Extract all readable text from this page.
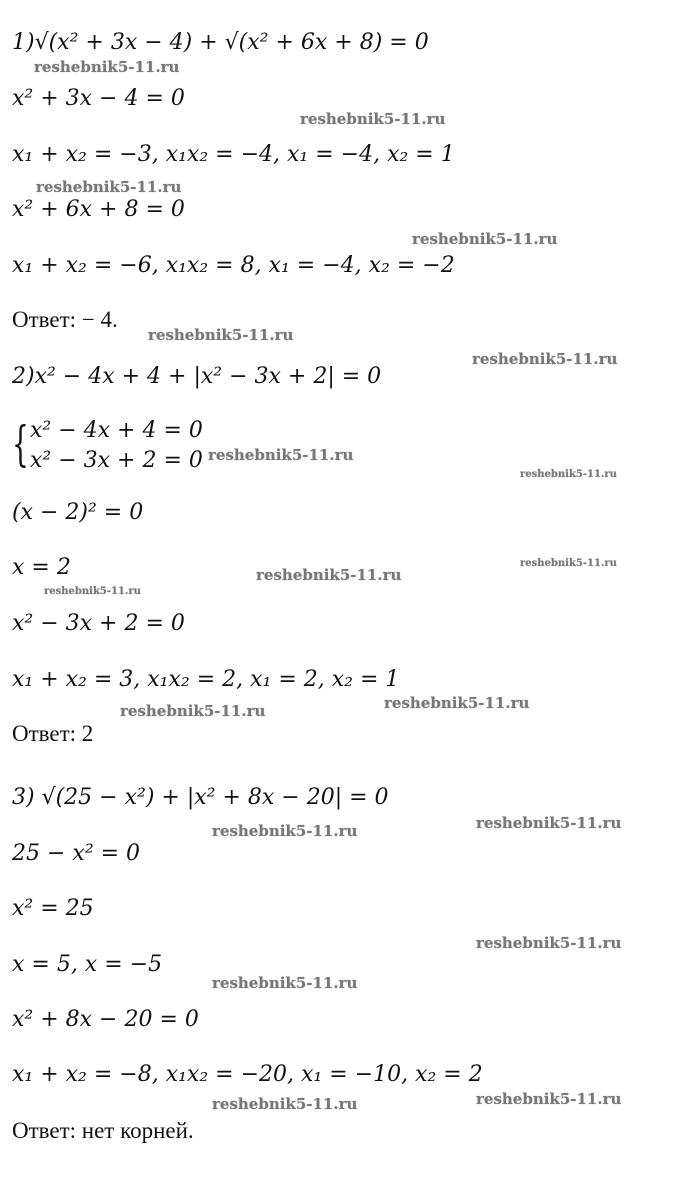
1)√(x² + 3x − 4) + √(x² + 6x + 8) = 0
x² + 3x − 4 = 0
x₁ + x₂ = −3, x₁x₂ = −4, x₁ = −4, x₂ = 1
x² + 6x + 8 = 0
x₁ + x₂ = −6, x₁x₂ = 8, x₁ = −4, x₂ = −2
Ответ: − 4.
2)x² − 4x + 4 + |x² − 3x + 2| = 0
{ x² − 4x + 4 = 0
x² − 3x + 2 = 0
(x − 2)² = 0
x = 2
x² − 3x + 2 = 0
x₁ + x₂ = 3, x₁x₂ = 2, x₁ = 2, x₂ = 1
Ответ: 2
3) √(25 − x²) + |x² + 8x − 20| = 0
25 − x² = 0
x² = 25
x = 5, x = −5
x² + 8x − 20 = 0
x₁ + x₂ = −8, x₁x₂ = −20, x₁ = −10, x₂ = 2
Ответ: нет корней.
reshebnik5-11.ru
reshebnik5-11.ru
reshebnik5-11.ru
reshebnik5-11.ru
reshebnik5-11.ru
reshebnik5-11.ru
reshebnik5-11.ru
reshebnik5-11.ru
reshebnik5-11.ru
reshebnik5-11.ru
reshebnik5-11.ru
reshebnik5-11.ru
reshebnik5-11.ru
reshebnik5-11.ru
reshebnik5-11.ru
reshebnik5-11.ru
reshebnik5-11.ru
reshebnik5-11.ru
reshebnik5-11.ru
